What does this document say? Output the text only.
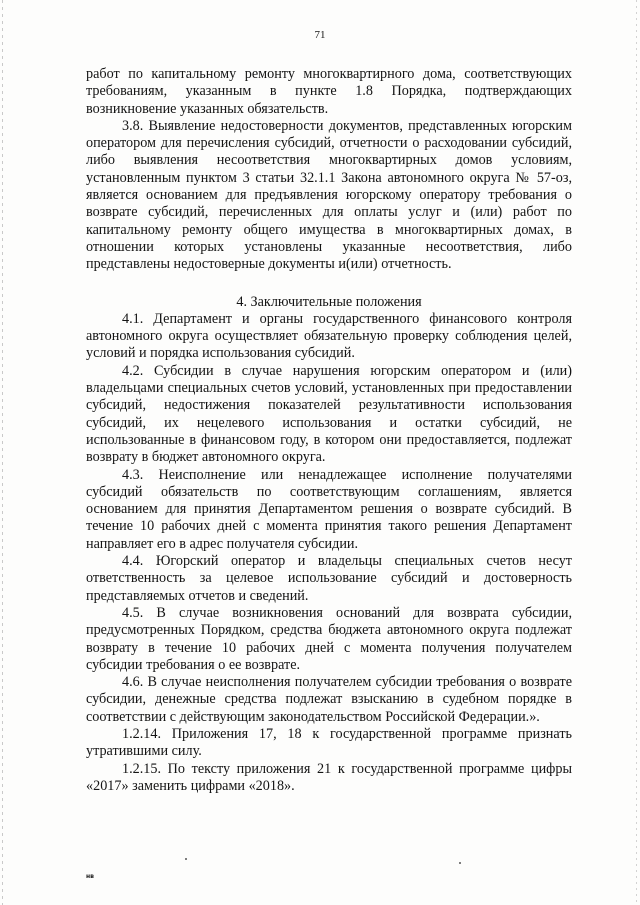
71

работ по капитальному ремонту многоквартирного дома, соответствующих требованиям, указанным в пункте 1.8 Порядка, подтверждающих возникновение указанных обязательств.

3.8. Выявление недостоверности документов, представленных югорским оператором для перечисления субсидий, отчетности о расходовании субсидий, либо выявления несоответствия многоквартирных домов условиям, установленным пунктом 3 статьи 32.1.1 Закона автономного округа № 57-оз, является основанием для предъявления югорскому оператору требования о возврате субсидий, перечисленных для оплаты услуг и (или) работ по капитальному ремонту общего имущества в многоквартирных домах, в отношении которых установлены указанные несоответствия, либо представлены недостоверные документы и(или) отчетность.

4. Заключительные положения

4.1. Департамент и органы государственного финансового контроля автономного округа осуществляет обязательную проверку соблюдения целей, условий и порядка использования субсидий.

4.2. Субсидии в случае нарушения югорским оператором и (или) владельцами специальных счетов условий, установленных при предоставлении субсидий, недостижения показателей результативности использования субсидий, их нецелевого использования и остатки субсидий, не использованные в финансовом году, в котором они предоставляется, подлежат возврату в бюджет автономного округа.

4.3. Неисполнение или ненадлежащее исполнение получателями субсидий обязательств по соответствующим соглашениям, является основанием для принятия Департаментом решения о возврате субсидий. В течение 10 рабочих дней с момента принятия такого решения Департамент направляет его в адрес получателя субсидии.

4.4. Югорский оператор и владельцы специальных счетов несут ответственность за целевое использование субсидий и достоверность представляемых отчетов и сведений.

4.5. В случае возникновения оснований для возврата субсидии, предусмотренных Порядком, средства бюджета автономного округа подлежат возврату в течение 10 рабочих дней с момента получения получателем субсидии требования о ее возврате.

4.6. В случае неисполнения получателем субсидии требования о возврате субсидии, денежные средства подлежат взысканию в судебном порядке в соответствии с действующим законодательством Российской Федерации.».

1.2.14. Приложения 17, 18 к государственной программе признать утратившими силу.

1.2.15. По тексту приложения 21 к государственной программе цифры «2017» заменить цифрами «2018».

нв
